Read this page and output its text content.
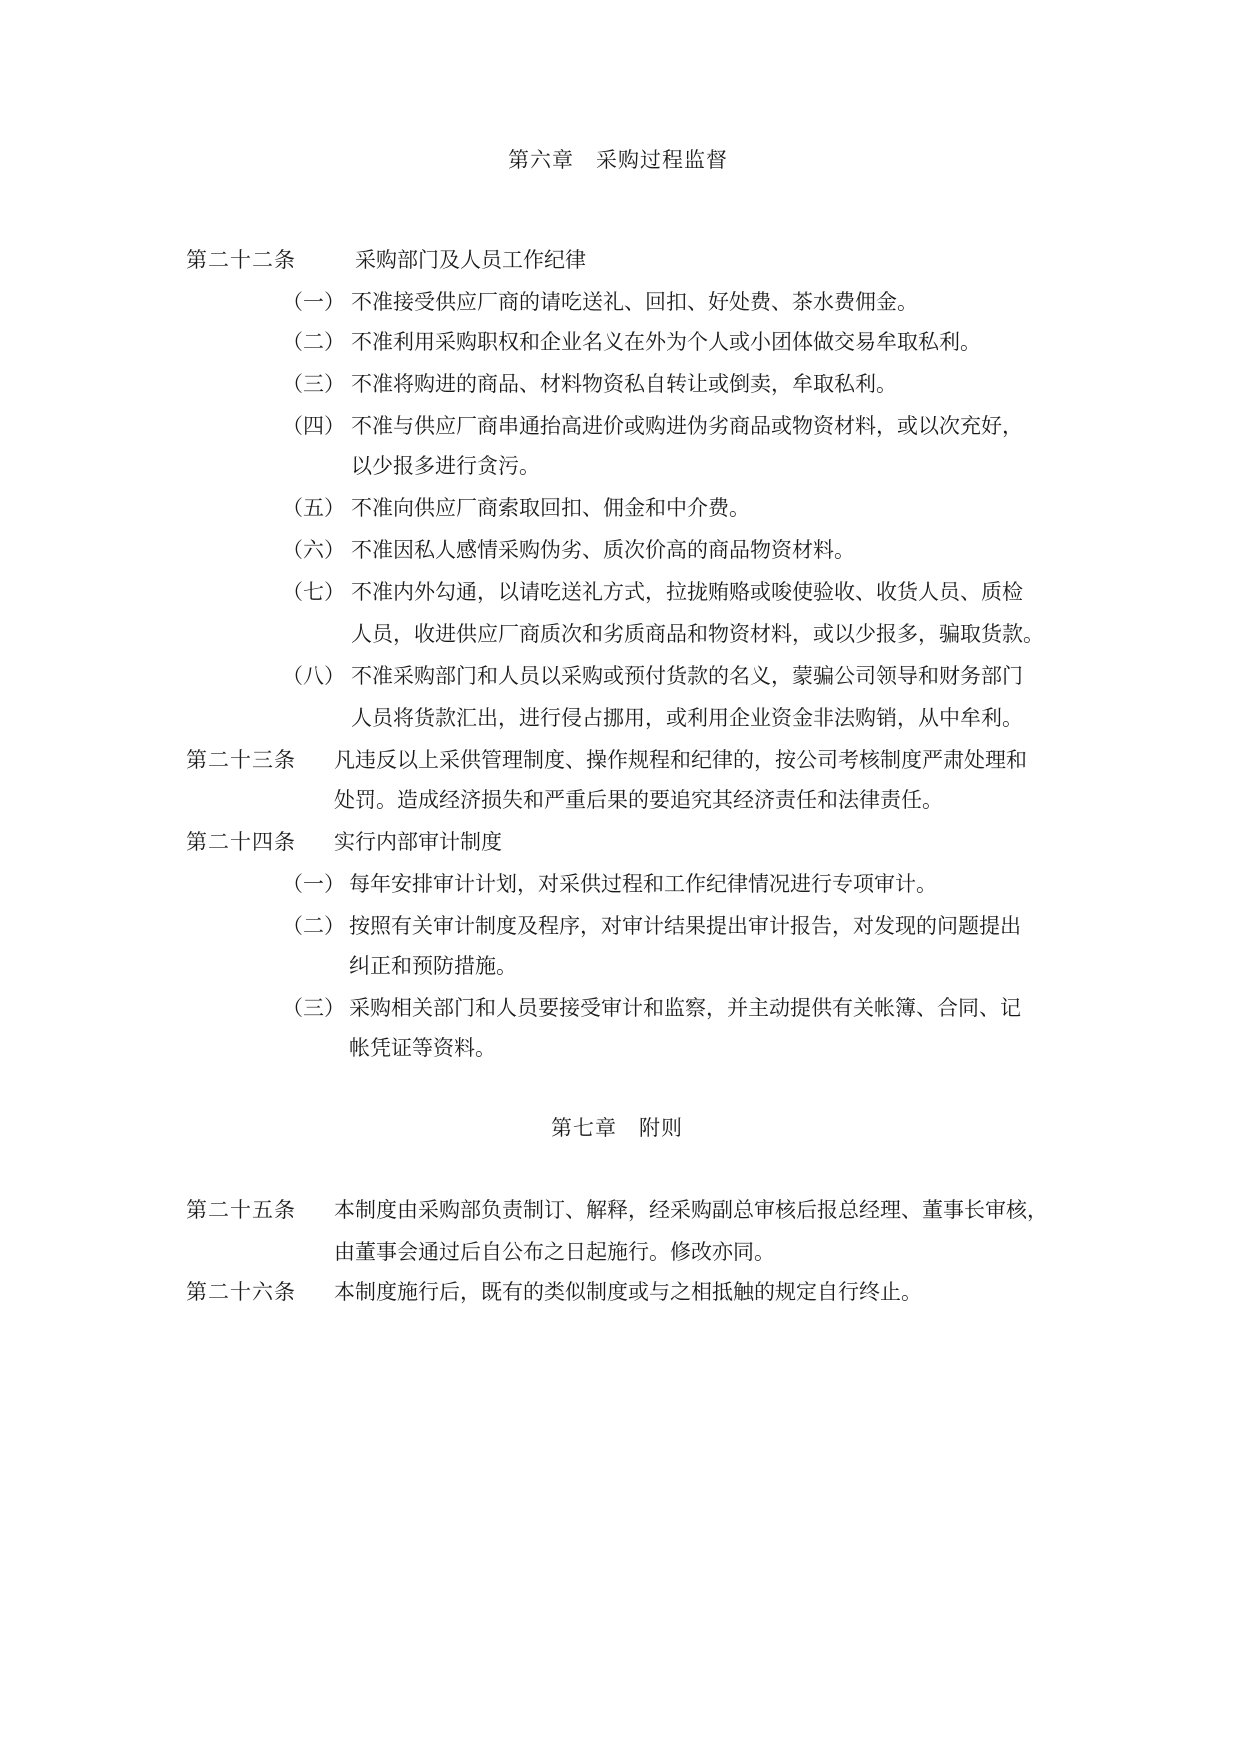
第六章　采购过程监督
第二十二条	采购部门及人员工作纪律
（一） 不准接受供应厂商的请吃送礼、回扣、好处费、茶水费佣金。
（二） 不准利用采购职权和企业名义在外为个人或小团体做交易牟取私利。
（三） 不准将购进的商品、材料物资私自转让或倒卖，牟取私利。
（四） 不准与供应厂商串通抬高进价或购进伪劣商品或物资材料，或以次充好，
以少报多进行贪污。
（五） 不准向供应厂商索取回扣、佣金和中介费。
（六） 不准因私人感情采购伪劣、质次价高的商品物资材料。
（七） 不准内外勾通，以请吃送礼方式，拉拢贿赂或唆使验收、收货人员、质检
人员，收进供应厂商质次和劣质商品和物资材料，或以少报多，骗取货款。
（八） 不准采购部门和人员以采购或预付货款的名义，蒙骗公司领导和财务部门
人员将货款汇出，进行侵占挪用，或利用企业资金非法购销，从中牟利。
第二十三条 凡违反以上采供管理制度、操作规程和纪律的，按公司考核制度严肃处理和
处罚。造成经济损失和严重后果的要追究其经济责任和法律责任。
第二十四条 实行内部审计制度
（一） 每年安排审计计划，对采供过程和工作纪律情况进行专项审计。
（二） 按照有关审计制度及程序，对审计结果提出审计报告，对发现的问题提出
纠正和预防措施。
（三） 采购相关部门和人员要接受审计和监察，并主动提供有关帐簿、合同、记
帐凭证等资料。
第七章　附则
第二十五条 本制度由采购部负责制订、解释，经采购副总审核后报总经理、董事长审核，
由董事会通过后自公布之日起施行。修改亦同。
第二十六条 本制度施行后，既有的类似制度或与之相抵触的规定自行终止。
